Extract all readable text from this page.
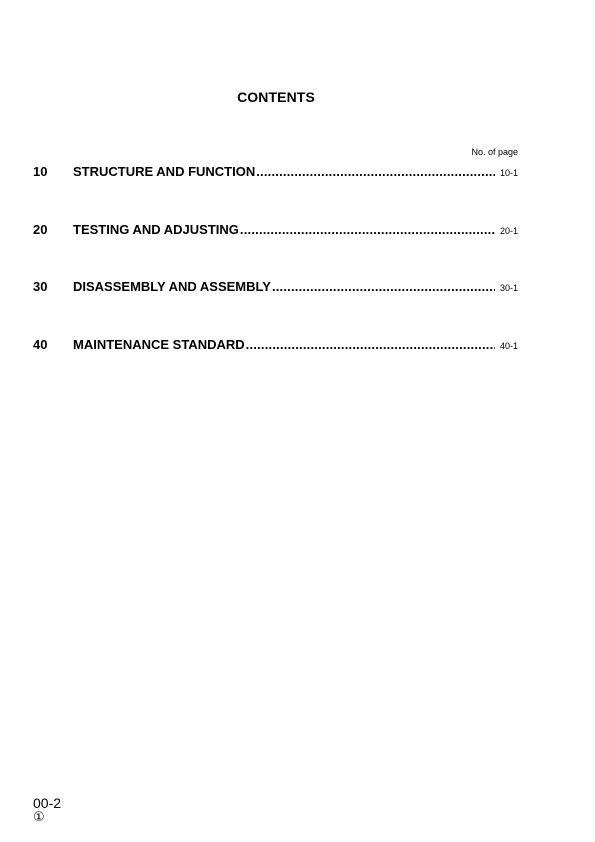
CONTENTS
No. of page
10	STRUCTURE AND FUNCTION .....	10-1
20	TESTING AND ADJUSTING .....	20-1
30	DISASSEMBLY AND ASSEMBLY .....	30-1
40	MAINTENANCE STANDARD .....	40-1
00-2
①
